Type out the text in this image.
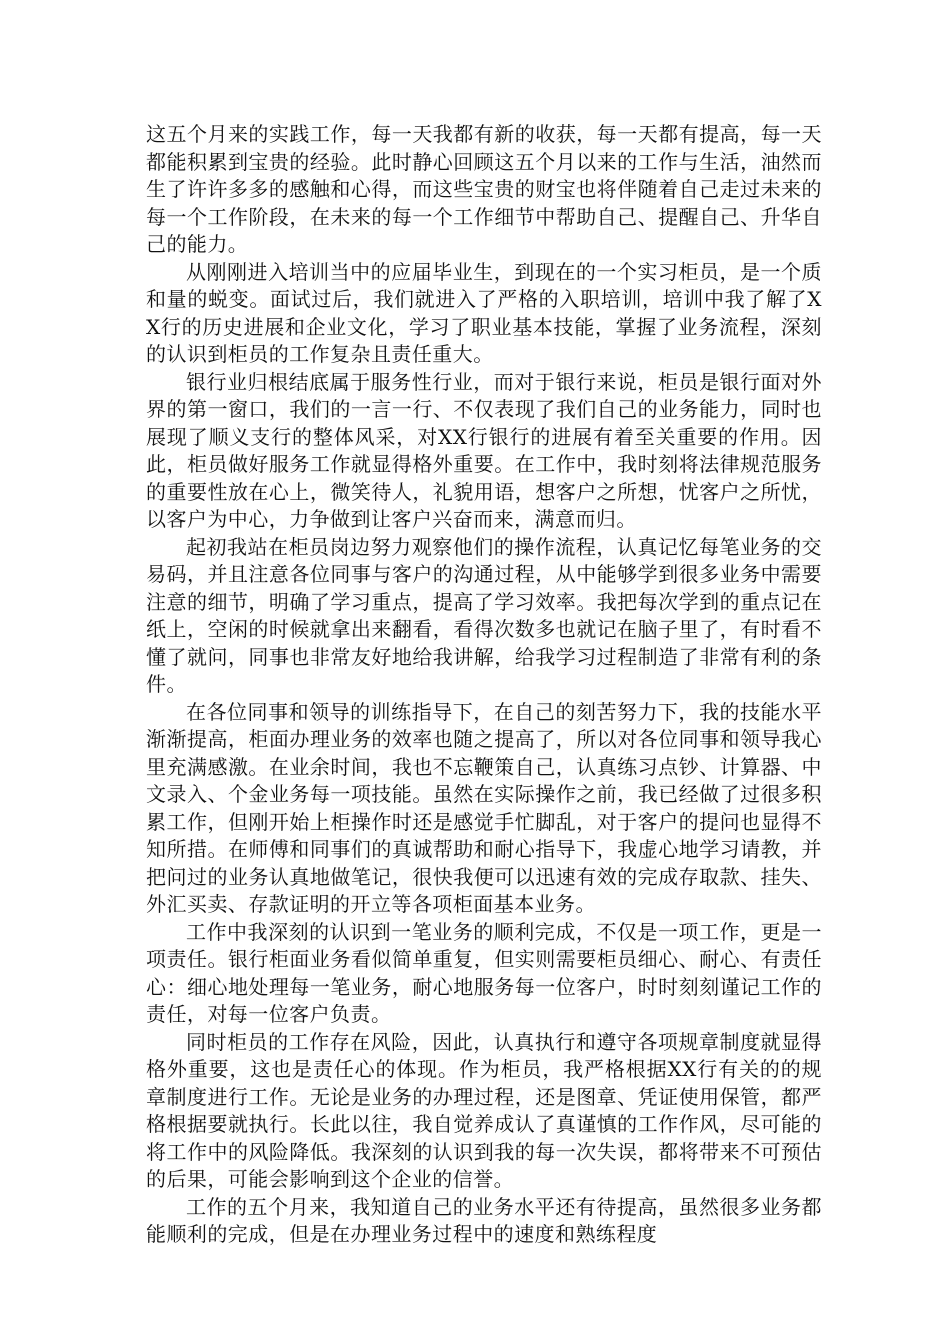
这五个月来的实践工作，每一天我都有新的收获，每一天都有提高，每一天都能积累到宝贵的经验。此时静心回顾这五个月以来的工作与生活，油然而生了许许多多的感触和心得，而这些宝贵的财宝也将伴随着自己走过未来的每一个工作阶段，在未来的每一个工作细节中帮助自己、提醒自己、升华自己的能力。

从刚刚进入培训当中的应届毕业生，到现在的一个实习柜员，是一个质和量的蜕变。面试过后，我们就进入了严格的入职培训，培训中我了解了XX行的历史进展和企业文化，学习了职业基本技能，掌握了业务流程，深刻的认识到柜员的工作复杂且责任重大。

银行业归根结底属于服务性行业，而对于银行来说，柜员是银行面对外界的第一窗口，我们的一言一行、不仅表现了我们自己的业务能力，同时也展现了顺义支行的整体风采，对XX行银行的进展有着至关重要的作用。因此，柜员做好服务工作就显得格外重要。在工作中，我时刻将法律规范服务的重要性放在心上，微笑待人，礼貌用语，想客户之所想，忧客户之所忧，以客户为中心，力争做到让客户兴奋而来，满意而归。

起初我站在柜员岗边努力观察他们的操作流程，认真记忆每笔业务的交易码，并且注意各位同事与客户的沟通过程，从中能够学到很多业务中需要注意的细节，明确了学习重点，提高了学习效率。我把每次学到的重点记在纸上，空闲的时候就拿出来翻看，看得次数多也就记在脑子里了，有时看不懂了就问，同事也非常友好地给我讲解，给我学习过程制造了非常有利的条件。

在各位同事和领导的训练指导下，在自己的刻苦努力下，我的技能水平渐渐提高，柜面办理业务的效率也随之提高了，所以对各位同事和领导我心里充满感激。在业余时间，我也不忘鞭策自己，认真练习点钞、计算器、中文录入、个金业务每一项技能。虽然在实际操作之前，我已经做了过很多积累工作，但刚开始上柜操作时还是感觉手忙脚乱，对于客户的提问也显得不知所措。在师傅和同事们的真诚帮助和耐心指导下，我虚心地学习请教，并把问过的业务认真地做笔记，很快我便可以迅速有效的完成存取款、挂失、外汇买卖、存款证明的开立等各项柜面基本业务。

工作中我深刻的认识到一笔业务的顺利完成，不仅是一项工作，更是一项责任。银行柜面业务看似简单重复，但实则需要柜员细心、耐心、有责任心：细心地处理每一笔业务，耐心地服务每一位客户，时时刻刻谨记工作的责任，对每一位客户负责。

同时柜员的工作存在风险，因此，认真执行和遵守各项规章制度就显得格外重要，这也是责任心的体现。作为柜员，我严格根据XX行有关的的规章制度进行工作。无论是业务的办理过程，还是图章、凭证使用保管，都严格根据要就执行。长此以往，我自觉养成认了真谨慎的工作作风，尽可能的将工作中的风险降低。我深刻的认识到我的每一次失误，都将带来不可预估的后果，可能会影响到这个企业的信誉。

工作的五个月来，我知道自己的业务水平还有待提高，虽然很多业务都能顺利的完成，但是在办理业务过程中的速度和熟练程度
